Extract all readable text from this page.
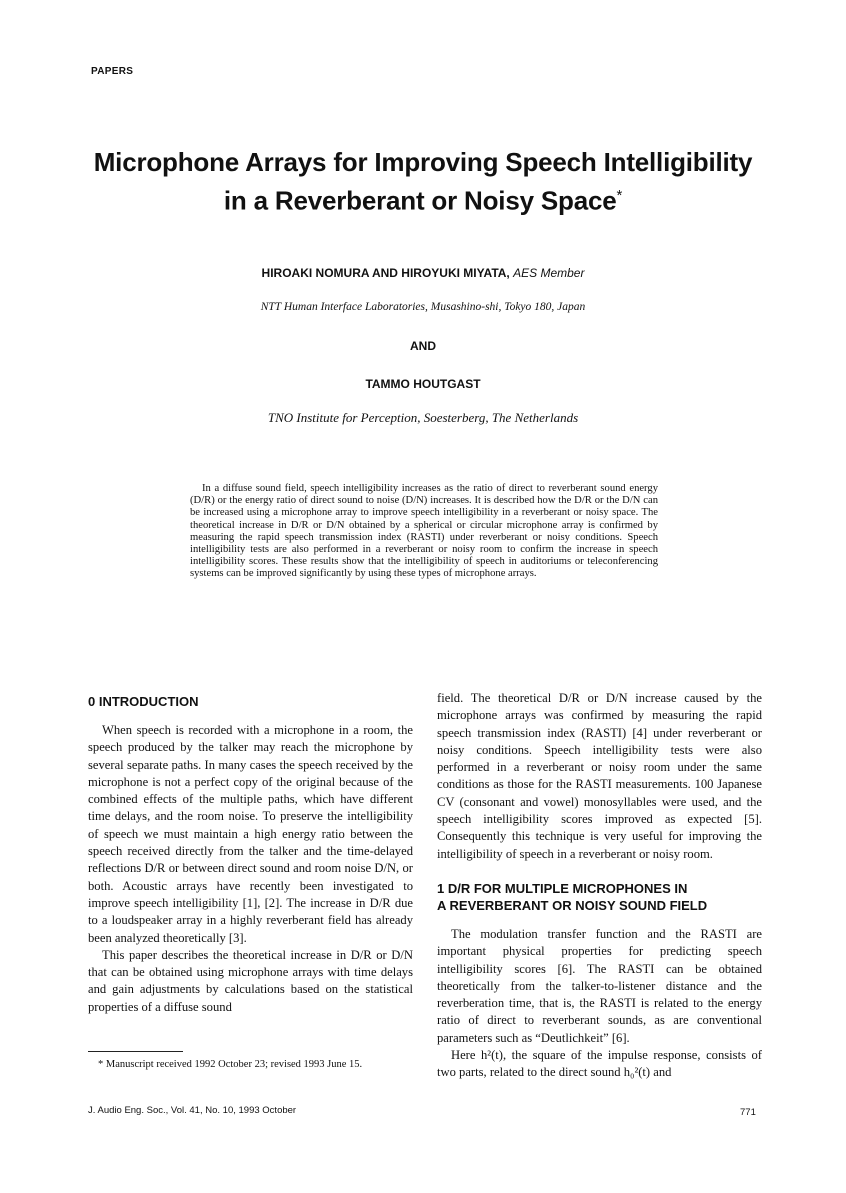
PAPERS
Microphone Arrays for Improving Speech Intelligibility
in a Reverberant or Noisy Space*
HIROAKI NOMURA AND HIROYUKI MIYATA, AES Member
NTT Human Interface Laboratories, Musashino-shi, Tokyo 180, Japan
AND
TAMMO HOUTGAST
TNO Institute for Perception, Soesterberg, The Netherlands
In a diffuse sound field, speech intelligibility increases as the ratio of direct to reverberant sound energy (D/R) or the energy ratio of direct sound to noise (D/N) increases. It is described how the D/R or the D/N can be increased using a microphone array to improve speech intelligibility in a reverberant or noisy space. The theoretical increase in D/R or D/N obtained by a spherical or circular microphone array is confirmed by measuring the rapid speech transmission index (RASTI) under reverberant or noisy conditions. Speech intelligibility tests are also performed in a reverberant or noisy room to confirm the increase in speech intelligibility scores. These results show that the intelligibility of speech in auditoriums or teleconferencing systems can be improved significantly by using these types of microphone arrays.
0 INTRODUCTION

When speech is recorded with a microphone in a room, the speech produced by the talker may reach the microphone by several separate paths. In many cases the speech received by the microphone is not a perfect copy of the original because of the combined effects of the multiple paths, which have different time delays, and the room noise. To preserve the intelligibility of speech we must maintain a high energy ratio between the speech received directly from the talker and the time-delayed reflections D/R or between direct sound and room noise D/N, or both. Acoustic arrays have recently been investigated to improve speech intelligibility [1], [2]. The increase in D/R due to a loudspeaker array in a highly reverberant field has already been analyzed theoretically [3].

This paper describes the theoretical increase in D/R or D/N that can be obtained using microphone arrays with time delays and gain adjustments by calculations based on the statistical properties of a diffuse sound

field. The theoretical D/R or D/N increase caused by the microphone arrays was confirmed by measuring the rapid speech transmission index (RASTI) [4] under reverberant or noisy conditions. Speech intelligibility tests were also performed in a reverberant or noisy room under the same conditions as those for the RASTI measurements. 100 Japanese CV (consonant and vowel) monosyllables were used, and the speech intelligibility scores improved as expected [5]. Consequently this technique is very useful for improving the intelligibility of speech in a reverberant or noisy room.

1 D/R FOR MULTIPLE MICROPHONES IN
A REVERBERANT OR NOISY SOUND FIELD

The modulation transfer function and the RASTI are important physical properties for predicting speech intelligibility scores [6]. The RASTI can be obtained theoretically from the talker-to-listener distance and the reverberation time, that is, the RASTI is related to the energy ratio of direct to reverberant sounds, as are conventional parameters such as “Deutlichkeit” [6].

Here h²(t), the square of the impulse response, consists of two parts, related to the direct sound h₀²(t) and

* Manuscript received 1992 October 23; revised 1993 June 15.
J. Audio Eng. Soc., Vol. 41, No. 10, 1993 October	771
